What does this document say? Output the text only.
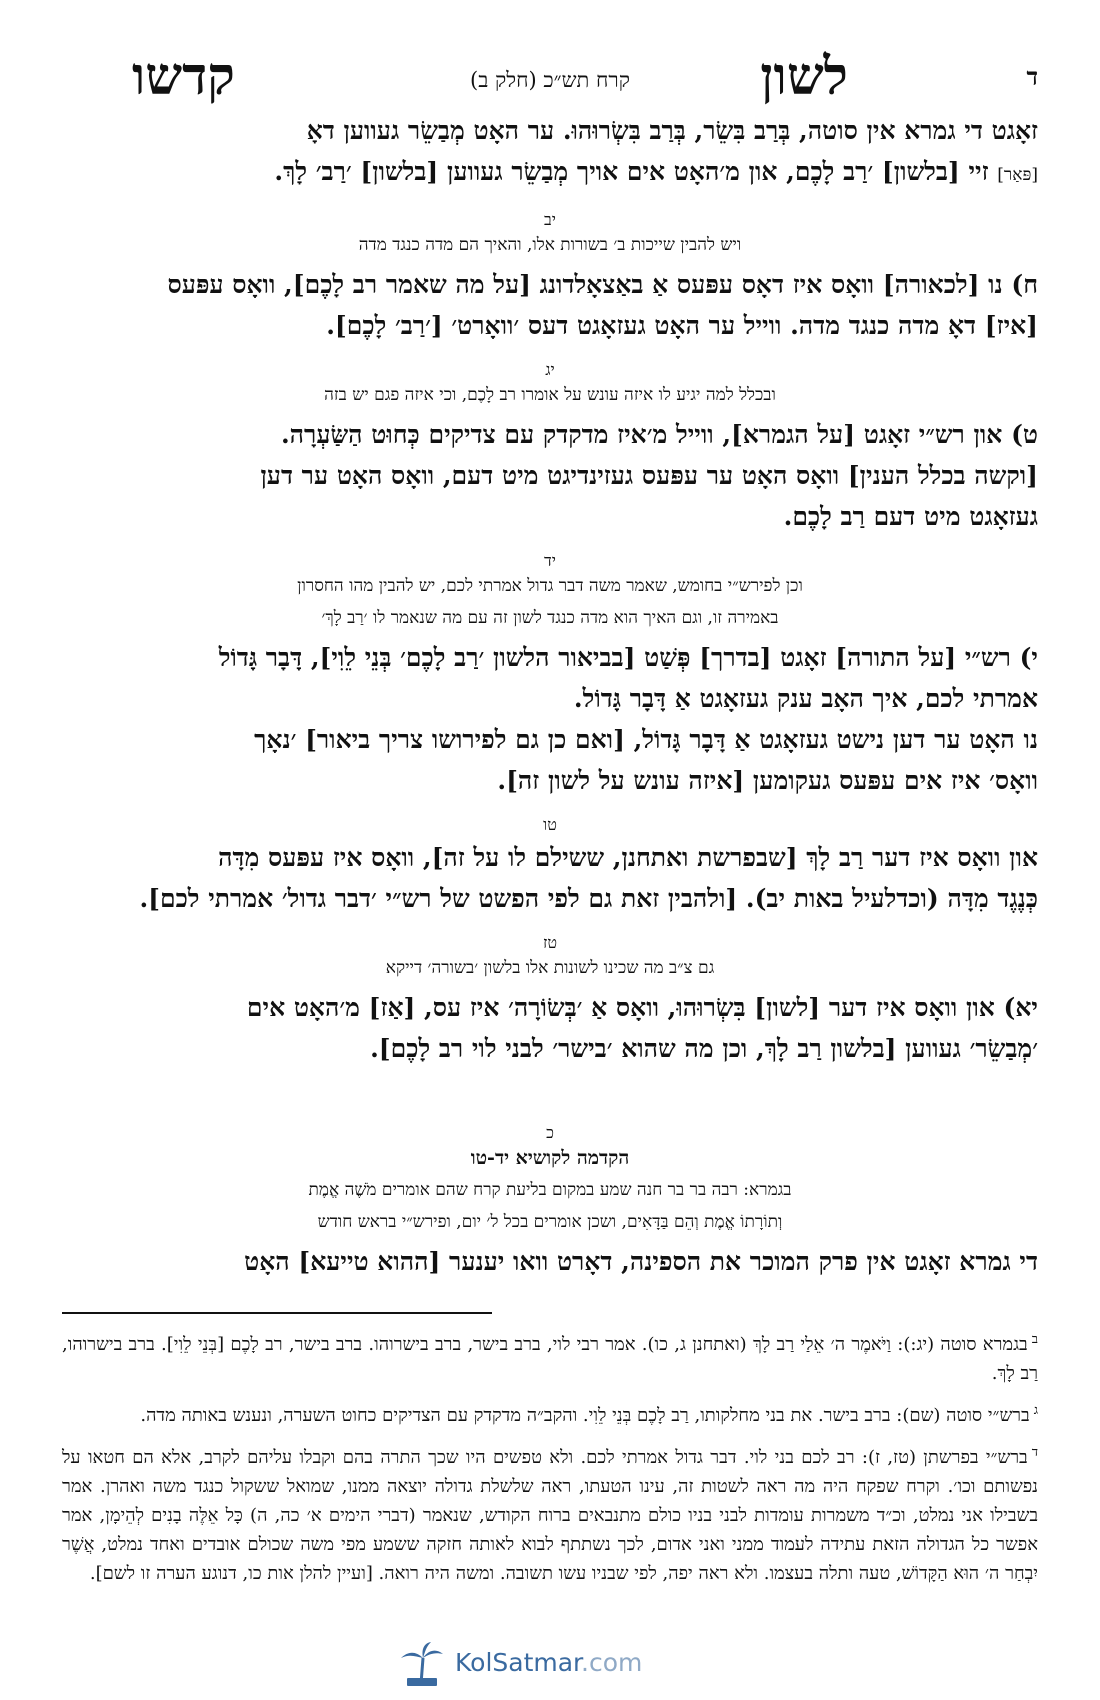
ד
לשון
קרח תש״כ (חלק ב)
קדשו

זאָגט די גמרא אין סוטה, בְּרַב בִּשֵׂר, בְּרַב בִּשְׂרוּהוּ. ער האָט מְבַשֵׂר געווען דאָ

[פּאַר] זיי [בלשון] ׳רַב לָכֶם, און מ׳האָט אים אויך מְבַשֵׂר געווען [בלשון] ׳רַב׳ לָךְ.

יב
ויש להבין שייכות ב׳ בשורות אלו, והאיך הם מדה כנגד מדה

ח) נו [לכאורה] וואָס איז דאָס עפּעס אַ באַצאָלדונג [על מה שאמר רב לָכֶם], וואָס עפּעס

[איז] דאָ מדה כנגד מדה. ווייל ער האָט געזאָגט דעס ׳וואָרט׳ [׳רַב׳ לָכֶם].

יג
ובכלל למה יגיע לו איזה עונש על אומרו רב לָכֶם, וכי איזה פגם יש בזה

ט) און רש״י זאָגט [על הגמרא], ווייל מ׳איז מדקדק עם צדיקים כְּחוּט הַשַּׂעְרָה.

[וקשה בכלל הענין] וואָס האָט ער עפּעס געזינדיגט מיט דעם, וואָס האָט ער דען

געזאָגט מיט דעם רַב לָכֶם.

יד
וכן לפירש״י בחומש, שאמר משה דבר גדול אמרתי לכם, יש להבין מהו החסרון
באמירה זו, וגם האיך הוא מדה כנגד לשון זה עם מה שנאמר לו ׳רַב לָךְ׳

י) רש״י [על התורה] זאָגט [בדרך] פְּשַׁט [בביאור הלשון ׳רַב לָכֶם׳ בְּנֵי לֵוִי], דָּבָר גָּדוֹל

אמרתי לכם, איך האָב ענק געזאָגט אַ דָּבָר גָּדוֹל.

נו האָט ער דען נישט געזאָגט אַ דָּבָר גָּדוֹל, [ואם כן גם לפירושו צריך ביאור] ׳נאָך

וואָס׳ איז אים עפּעס געקומען [איזה עונש על לשון זה].

טו

און וואָס איז דער רַב לָךְ [שבפרשת ואתחנן, ששילם לו על זה], וואָס איז עפּעס מִדָּה

כְּנֶגֶד מִדָּה (וכדלעיל באות יב). [ולהבין זאת גם לפי הפשט של רש״י ׳דבר גדול׳ אמרתי לכם].

טז
גם צ״ב מה שכינו לשונות אלו בלשון ׳בשורה׳ דייקא

יא) און וואָס איז דער [לשון] בִּשְׂרוּהוּ, וואָס אַ ׳בְּשׂוֹרָה׳ איז עס, [אַז] מ׳האָט אים

׳מְבַשֵׂר׳ געווען [בלשון רַב לָךְ, וכן מה שהוא ׳בישר׳ לבני לוי רב לָכֶם].

כ
הקדמה לקושיא יד-טו
בגמרא: רבה בר בר חנה שמע במקום בליעת קרח שהם אומרים מֹשֶׁה אֱמֶת
וְתוֹרָתוֹ אֱמֶת וְהֵם בַּדָּאִים, ושכן אומרים בכל ל׳ יום, ופירש״י בראש חודש

די גמרא זאָגט אין פרק המוכר את הספינה, דאָרט וואו יענער [ההוא טייעא] האָט

$^ב$בגמרא סוטה (יג:): וַיֹּאמֶר ה׳ אֵלַי רַב לָךְ (ואתחנן ג, כו). אמר רבי לוי, ברב בישר, ברב בישרוהו. ברב בישר, רב לָכֶם [בְּנֵי לֵוִי]. ברב בישרוהו, רַב לָךְ.

$^ג$ברש״י סוטה (שם): ברב בישר. את בני מחלקותו, רַב לָכֶם בְּנֵי לֵוִי. והקב״ה מדקדק עם הצדיקים כחוט השערה, ונענש באותה מדה.

$^ד$ברש״י בפרשתן (טז, ז): רב לכם בני לוי. דבר גדול אמרתי לכם. ולא טפשים היו שכך התרה בהם וקבלו עליהם לקרב, אלא הם חטאו על נפשותם וכו׳. וקרח שפקח היה מה ראה לשטות זה, עינו הטעתו, ראה שלשלת גדולה יוצאה ממנו, שמואל ששקול כנגד משה ואהרן. אמר בשבילו אני נמלט, וכ״ד משמרות עומדות לבני בניו כולם מתנבאים ברוח הקודש, שנאמר (דברי הימים א׳ כה, ה) כָּל אֵלֶּה בָנִים לְהֵימָן, אמר אפשר כל הגדולה הזאת עתידה לעמוד ממני ואני אדום, לכך נשתתף לבוא לאותה חזקה ששמע מפי משה שכולם אובדים ואחד נמלט, אֲשֶׁר יִבְחַר ה׳ הוּא הַקָּדוֹשׁ, טעה ותלה בעצמו. ולא ראה יפה, לפי שבניו עשו תשובה. ומשה היה רואה. [ועיין להלן אות כו, דנוגע הערה זו לשם].

KolSatmar.com
